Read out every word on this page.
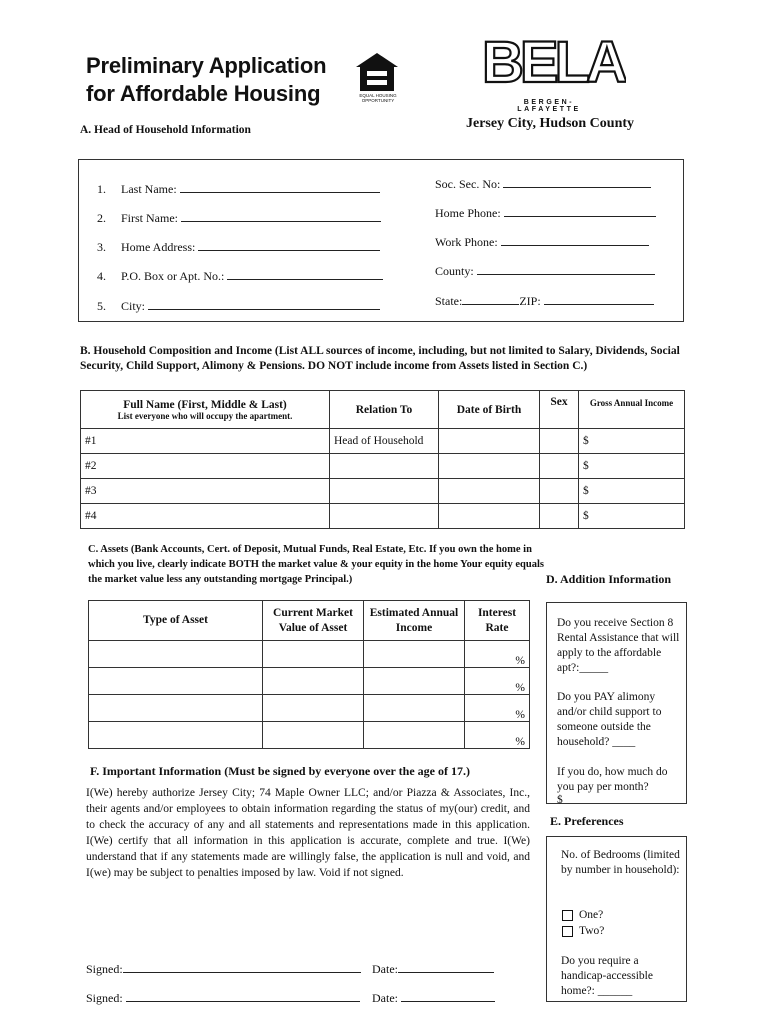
Preliminary Application
for Affordable Housing	EQUAL HOUSING OPPORTUNITY
BELA
BERGEN-LAFAYETTE
Jersey City, Hudson County
A. Head of Household Information
1. Last Name:
2. First Name:
3. Home Address:
4. P.O. Box or Apt. No.:
5. City:
Soc. Sec. No:
Home Phone:
Work Phone:
County:
State:	ZIP:
B. Household Composition and Income (List ALL sources of income, including, but not limited to Salary, Dividends, Social Security, Child Support, Alimony & Pensions. DO NOT include income from Assets listed in Section C.)
Full Name (First, Middle & Last)
List everyone who will occupy the apartment.	Relation To	Date of Birth	Sex	Gross Annual Income
#1	Head of Household			$
#2				$
#3				$
#4				$
C. Assets (Bank Accounts, Cert. of Deposit, Mutual Funds, Real Estate, Etc. If you own the home in which you live, clearly indicate BOTH the market value & your equity in the home Your equity equals the market value less any outstanding mortgage Principal.)	D. Addition Information
Type of Asset	Current Market Value of Asset	Estimated Annual Income	Interest Rate
			%
			%
			%
			%
Do you receive Section 8 Rental Assistance that will apply to the affordable apt?:_____
Do you PAY alimony and/or child support to someone outside the household? ____
If you do, how much do you pay per month?
$
F. Important Information (Must be signed by everyone over the age of 17.)
I(We) hereby authorize Jersey City; 74 Maple Owner LLC; and/or Piazza & Associates, Inc., their agents and/or employees to obtain information regarding the status of my(our) credit, and to check the accuracy of any and all statements and representations made in this application. I(We) certify that all information in this application is accurate, complete and true. I(We) understand that if any statements made are willingly false, the application is null and void, and I(we) may be subject to penalties imposed by law. Void if not signed.
Signed:	Date:
Signed:	Date:
E. Preferences
No. of Bedrooms (limited by number in household):
One?
Two?
Do you require a handicap-accessible home?: ______
